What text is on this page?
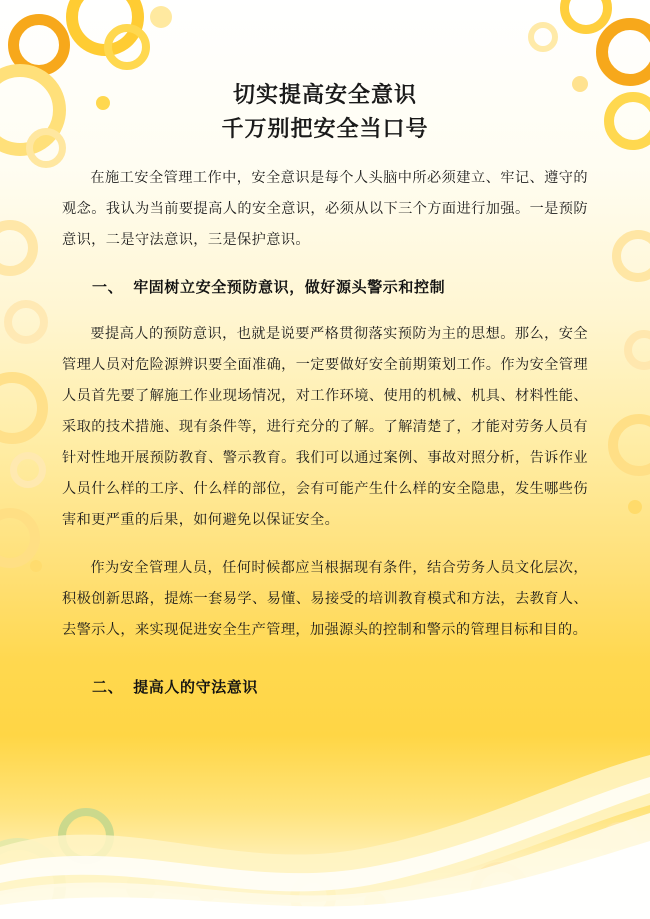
切实提高安全意识
千万别把安全当口号

在施工安全管理工作中，安全意识是每个人头脑中所必须建立、牢记、遵守的观念。我认为当前要提高人的安全意识，必须从以下三个方面进行加强。一是预防意识，二是守法意识，三是保护意识。

一、 牢固树立安全预防意识，做好源头警示和控制

要提高人的预防意识，也就是说要严格贯彻落实预防为主的思想。那么，安全管理人员对危险源辨识要全面准确，一定要做好安全前期策划工作。作为安全管理人员首先要了解施工作业现场情况，对工作环境、使用的机械、机具、材料性能、采取的技术措施、现有条件等，进行充分的了解。了解清楚了，才能对劳务人员有针对性地开展预防教育、警示教育。我们可以通过案例、事故对照分析，告诉作业人员什么样的工序、什么样的部位，会有可能产生什么样的安全隐患，发生哪些伤害和更严重的后果，如何避免以保证安全。

作为安全管理人员，任何时候都应当根据现有条件，结合劳务人员文化层次，积极创新思路，提炼一套易学、易懂、易接受的培训教育模式和方法，去教育人、去警示人，来实现促进安全生产管理，加强源头的控制和警示的管理目标和目的。

二、 提高人的守法意识
